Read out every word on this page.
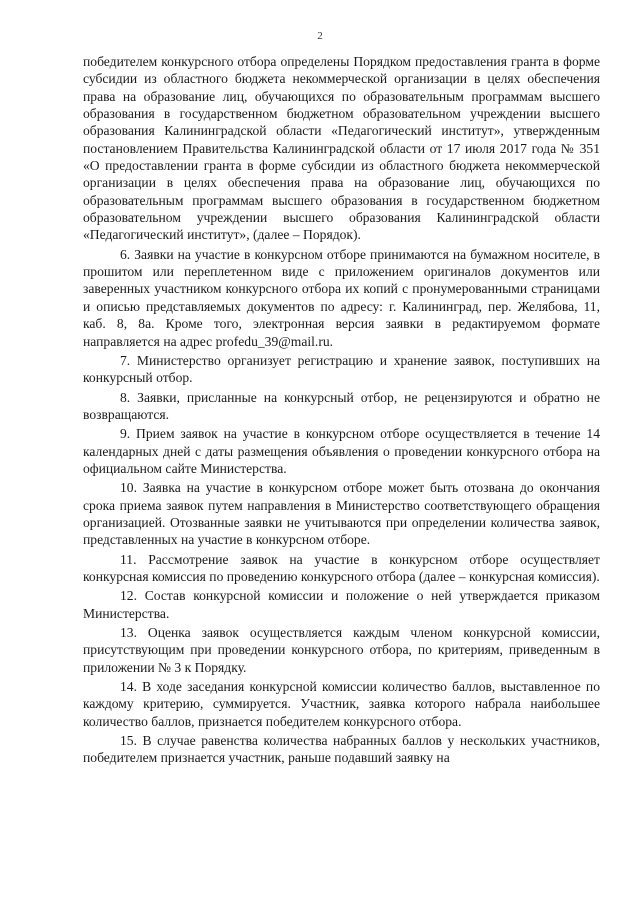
2

победителем конкурсного отбора определены Порядком предоставления гранта в форме субсидии из областного бюджета некоммерческой организации в целях обеспечения права на образование лиц, обучающихся по образовательным программам высшего образования в государственном бюджетном образовательном учреждении высшего образования Калининградской области «Педагогический институт», утвержденным постановлением Правительства Калининградской области от 17 июля 2017 года № 351 «О предоставлении гранта в форме субсидии из областного бюджета некоммерческой организации в целях обеспечения права на образование лиц, обучающихся по образовательным программам высшего образования в государственном бюджетном образовательном учреждении высшего образования Калининградской области «Педагогический институт», (далее – Порядок).

6. Заявки на участие в конкурсном отборе принимаются на бумажном носителе, в прошитом или переплетенном виде с приложением оригиналов документов или заверенных участником конкурсного отбора их копий с пронумерованными страницами и описью представляемых документов по адресу: г. Калининград, пер. Желябова, 11, каб. 8, 8а. Кроме того, электронная версия заявки в редактируемом формате направляется на адрес profedu_39@mail.ru.

7. Министерство организует регистрацию и хранение заявок, поступивших на конкурсный отбор.

8. Заявки, присланные на конкурсный отбор, не рецензируются и обратно не возвращаются.

9. Прием заявок на участие в конкурсном отборе осуществляется в течение 14 календарных дней с даты размещения объявления о проведении конкурсного отбора на официальном сайте Министерства.

10. Заявка на участие в конкурсном отборе может быть отозвана до окончания срока приема заявок путем направления в Министерство соответствующего обращения организацией. Отозванные заявки не учитываются при определении количества заявок, представленных на участие в конкурсном отборе.

11. Рассмотрение заявок на участие в конкурсном отборе осуществляет конкурсная комиссия по проведению конкурсного отбора (далее – конкурсная комиссия).

12. Состав конкурсной комиссии и положение о ней утверждается приказом Министерства.

13. Оценка заявок осуществляется каждым членом конкурсной комиссии, присутствующим при проведении конкурсного отбора, по критериям, приведенным в приложении № 3 к Порядку.

14. В ходе заседания конкурсной комиссии количество баллов, выставленное по каждому критерию, суммируется. Участник, заявка которого набрала наибольшее количество баллов, признается победителем конкурсного отбора.

15. В случае равенства количества набранных баллов у нескольких участников, победителем признается участник, раньше подавший заявку на
